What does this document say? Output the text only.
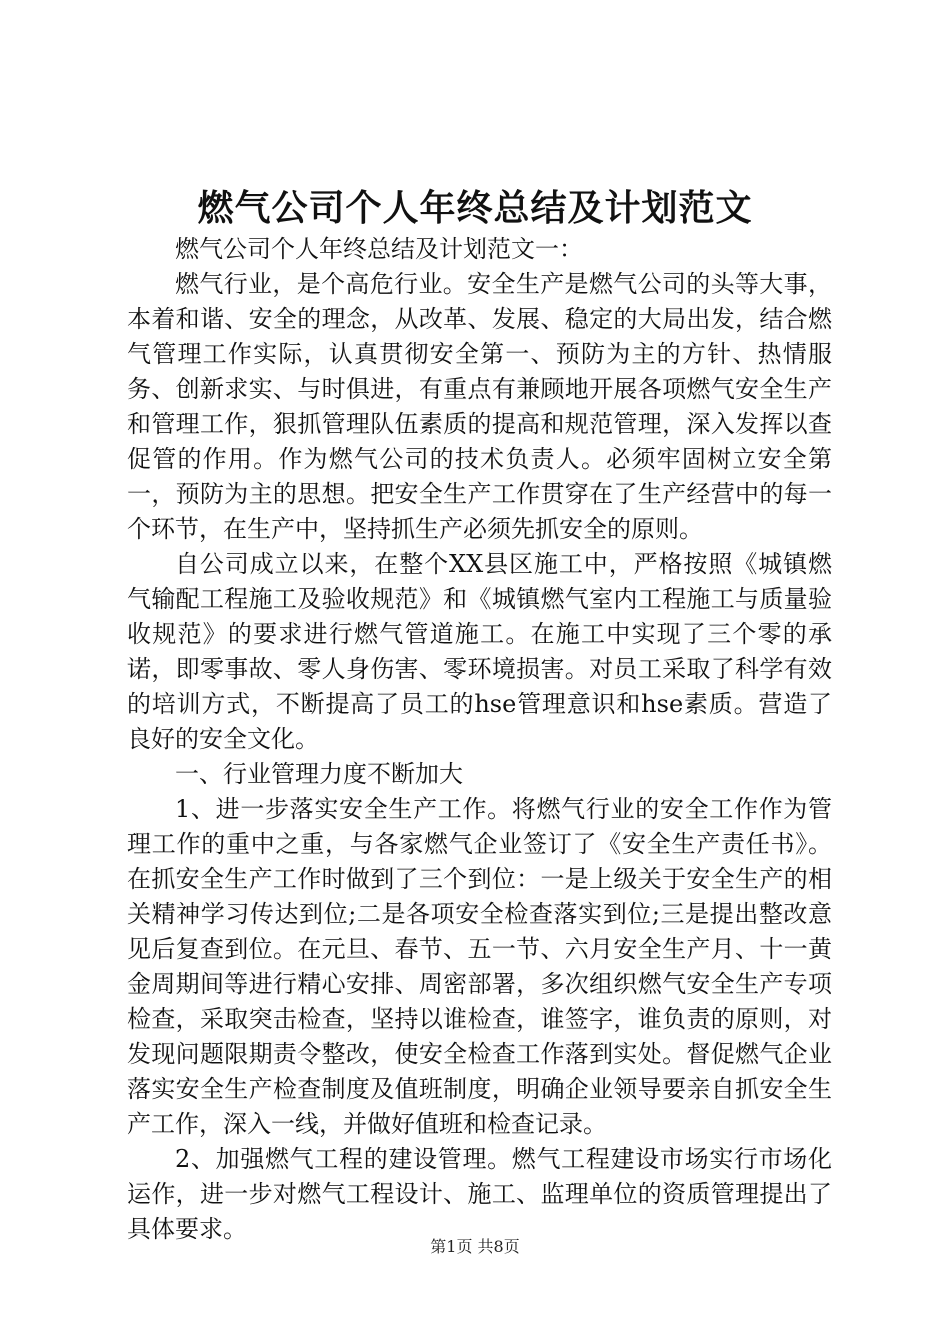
燃气公司个人年终总结及计划范文

燃气公司个人年终总结及计划范文一：

燃气行业，是个高危行业。安全生产是燃气公司的头等大事，本着和谐、安全的理念，从改革、发展、稳定的大局出发，结合燃气管理工作实际，认真贯彻安全第一、预防为主的方针、热情服务、创新求实、与时俱进，有重点有兼顾地开展各项燃气安全生产和管理工作，狠抓管理队伍素质的提高和规范管理，深入发挥以查促管的作用。作为燃气公司的技术负责人。必须牢固树立安全第一，预防为主的思想。把安全生产工作贯穿在了生产经营中的每一个环节，在生产中，坚持抓生产必须先抓安全的原则。

自公司成立以来，在整个XX县区施工中，严格按照《城镇燃气输配工程施工及验收规范》和《城镇燃气室内工程施工与质量验收规范》的要求进行燃气管道施工。在施工中实现了三个零的承诺，即零事故、零人身伤害、零环境损害。对员工采取了科学有效的培训方式，不断提高了员工的hse管理意识和hse素质。营造了良好的安全文化。

一、行业管理力度不断加大

1、进一步落实安全生产工作。将燃气行业的安全工作作为管理工作的重中之重，与各家燃气企业签订了《安全生产责任书》。在抓安全生产工作时做到了三个到位：一是上级关于安全生产的相关精神学习传达到位;二是各项安全检查落实到位;三是提出整改意见后复查到位。在元旦、春节、五一节、六月安全生产月、十一黄金周期间等进行精心安排、周密部署，多次组织燃气安全生产专项检查，采取突击检查，坚持以谁检查，谁签字，谁负责的原则，对发现问题限期责令整改，使安全检查工作落到实处。督促燃气企业落实安全生产检查制度及值班制度，明确企业领导要亲自抓安全生产工作，深入一线，并做好值班和检查记录。

2、加强燃气工程的建设管理。燃气工程建设市场实行市场化运作，进一步对燃气工程设计、施工、监理单位的资质管理提出了具体要求。

第1页 共8页
